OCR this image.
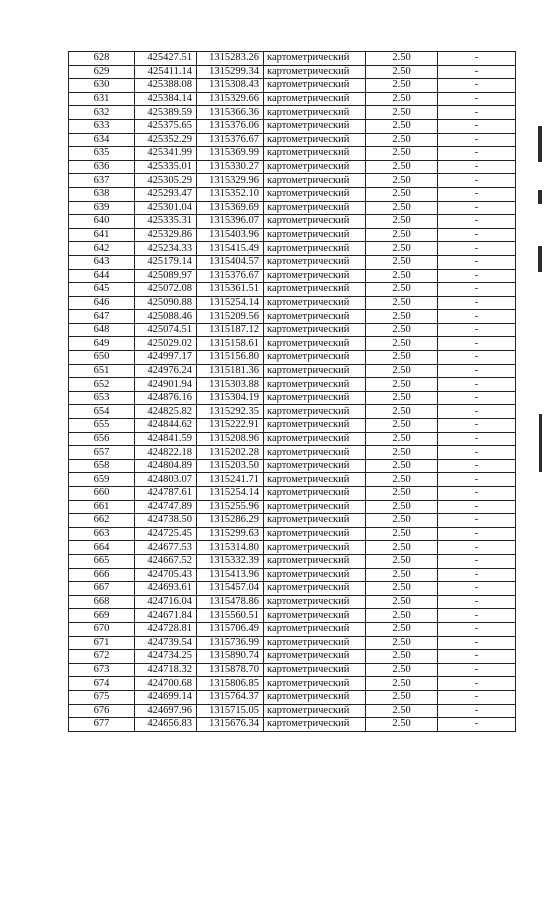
628	425427.51	1315283.26	картометрический	2.50	-
629	425411.14	1315299.34	картометрический	2.50	-
630	425388.08	1315308.43	картометрический	2.50	-
631	425384.14	1315329.66	картометрический	2.50	-
632	425389.59	1315366.36	картометрический	2.50	-
633	425375.65	1315376.06	картометрический	2.50	-
634	425352.29	1315376.67	картометрический	2.50	-
635	425341.99	1315369.99	картометрический	2.50	-
636	425335.01	1315330.27	картометрический	2.50	-
637	425305.29	1315329.96	картометрический	2.50	-
638	425293.47	1315352.10	картометрический	2.50	-
639	425301.04	1315369.69	картометрический	2.50	-
640	425335.31	1315396.07	картометрический	2.50	-
641	425329.86	1315403.96	картометрический	2.50	-
642	425234.33	1315415.49	картометрический	2.50	-
643	425179.14	1315404.57	картометрический	2.50	-
644	425089.97	1315376.67	картометрический	2.50	-
645	425072.08	1315361.51	картометрический	2.50	-
646	425090.88	1315254.14	картометрический	2.50	-
647	425088.46	1315209.56	картометрический	2.50	-
648	425074.51	1315187.12	картометрический	2.50	-
649	425029.02	1315158.61	картометрический	2.50	-
650	424997.17	1315156.80	картометрический	2.50	-
651	424976.24	1315181.36	картометрический	2.50	-
652	424901.94	1315303.88	картометрический	2.50	-
653	424876.16	1315304.19	картометрический	2.50	-
654	424825.82	1315292.35	картометрический	2.50	-
655	424844.62	1315222.91	картометрический	2.50	-
656	424841.59	1315208.96	картометрический	2.50	-
657	424822.18	1315202.28	картометрический	2.50	-
658	424804.89	1315203.50	картометрический	2.50	-
659	424803.07	1315241.71	картометрический	2.50	-
660	424787.61	1315254.14	картометрический	2.50	-
661	424747.89	1315255.96	картометрический	2.50	-
662	424738.50	1315286.29	картометрический	2.50	-
663	424725.45	1315299.63	картометрический	2.50	-
664	424677.53	1315314.80	картометрический	2.50	-
665	424667.52	1315332.39	картометрический	2.50	-
666	424705.43	1315413.96	картометрический	2.50	-
667	424693.61	1315457.04	картометрический	2.50	-
668	424716.04	1315478.86	картометрический	2.50	-
669	424671.84	1315560.51	картометрический	2.50	-
670	424728.81	1315706.49	картометрический	2.50	-
671	424739.54	1315736.99	картометрический	2.50	-
672	424734.25	1315890.74	картометрический	2.50	-
673	424718.32	1315878.70	картометрический	2.50	-
674	424700.68	1315806.85	картометрический	2.50	-
675	424699.14	1315764.37	картометрический	2.50	-
676	424697.96	1315715.05	картометрический	2.50	-
677	424656.83	1315676.34	картометрический	2.50	-
